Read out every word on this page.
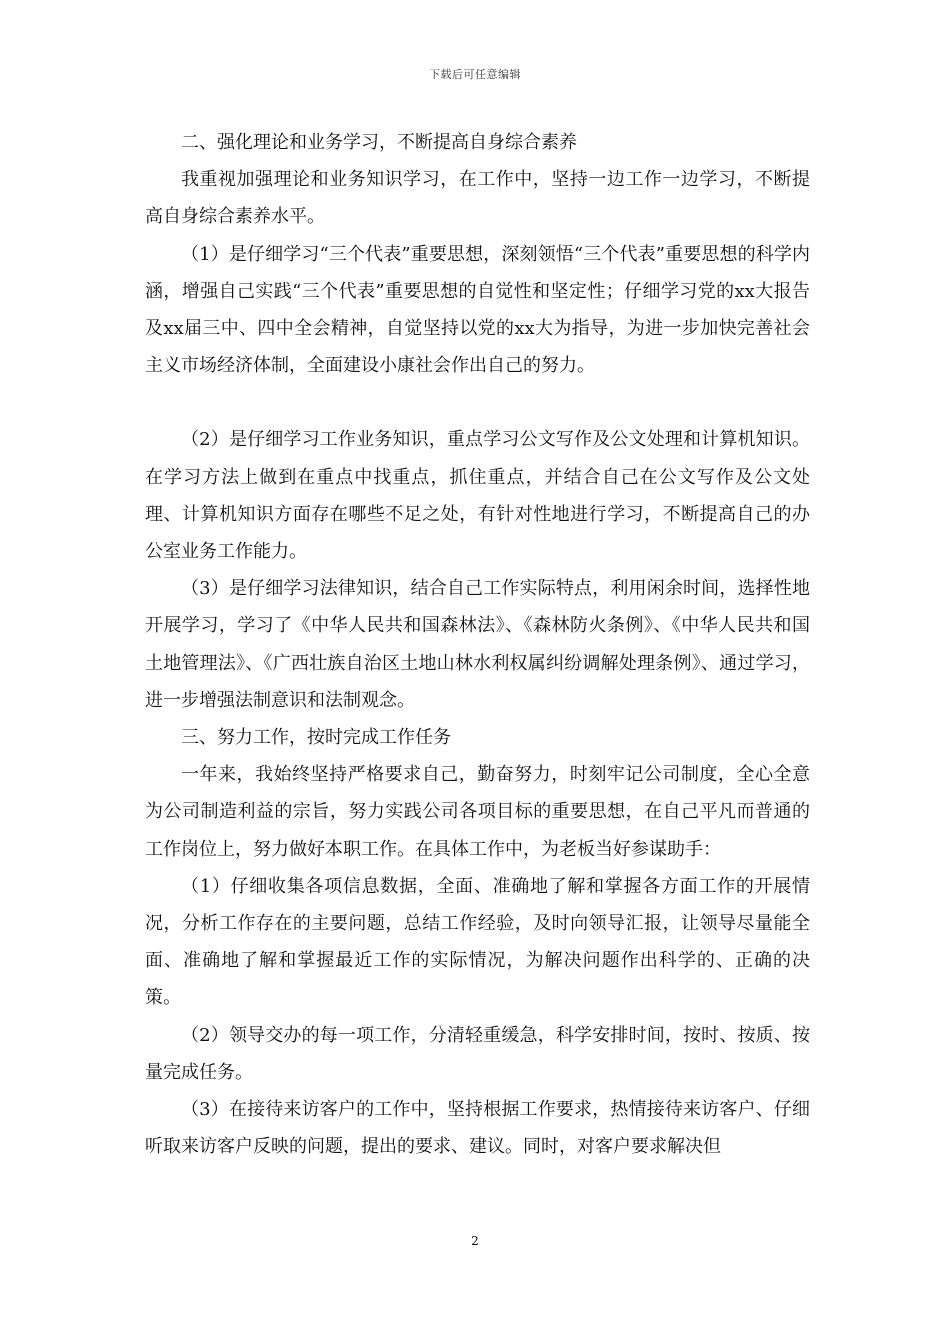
下载后可任意编辑

二、强化理论和业务学习，不断提高自身综合素养

我重视加强理论和业务知识学习，在工作中，坚持一边工作一边学习，不断提高自身综合素养水平。

（1）是仔细学习“三个代表”重要思想，深刻领悟“三个代表”重要思想的科学内涵，增强自己实践“三个代表”重要思想的自觉性和坚定性；仔细学习党的xx大报告及xx届三中、四中全会精神，自觉坚持以党的xx大为指导，为进一步加快完善社会主义市场经济体制，全面建设小康社会作出自己的努力。

（2）是仔细学习工作业务知识，重点学习公文写作及公文处理和计算机知识。在学习方法上做到在重点中找重点，抓住重点，并结合自己在公文写作及公文处理、计算机知识方面存在哪些不足之处，有针对性地进行学习，不断提高自己的办公室业务工作能力。

（3）是仔细学习法律知识，结合自己工作实际特点，利用闲余时间，选择性地开展学习，学习了《中华人民共和国森林法》、《森林防火条例》、《中华人民共和国土地管理法》、《广西壮族自治区土地山林水利权属纠纷调解处理条例》、通过学习，进一步增强法制意识和法制观念。

三、努力工作，按时完成工作任务

一年来，我始终坚持严格要求自己，勤奋努力，时刻牢记公司制度，全心全意为公司制造利益的宗旨，努力实践公司各项目标的重要思想，在自己平凡而普通的工作岗位上，努力做好本职工作。在具体工作中，为老板当好参谋助手：

（1）仔细收集各项信息数据，全面、准确地了解和掌握各方面工作的开展情况，分析工作存在的主要问题，总结工作经验，及时向领导汇报，让领导尽量能全面、准确地了解和掌握最近工作的实际情况，为解决问题作出科学的、正确的决策。

（2）领导交办的每一项工作，分清轻重缓急，科学安排时间，按时、按质、按量完成任务。

（3）在接待来访客户的工作中，坚持根据工作要求，热情接待来访客户、仔细听取来访客户反映的问题，提出的要求、建议。同时，对客户要求解决但

2
